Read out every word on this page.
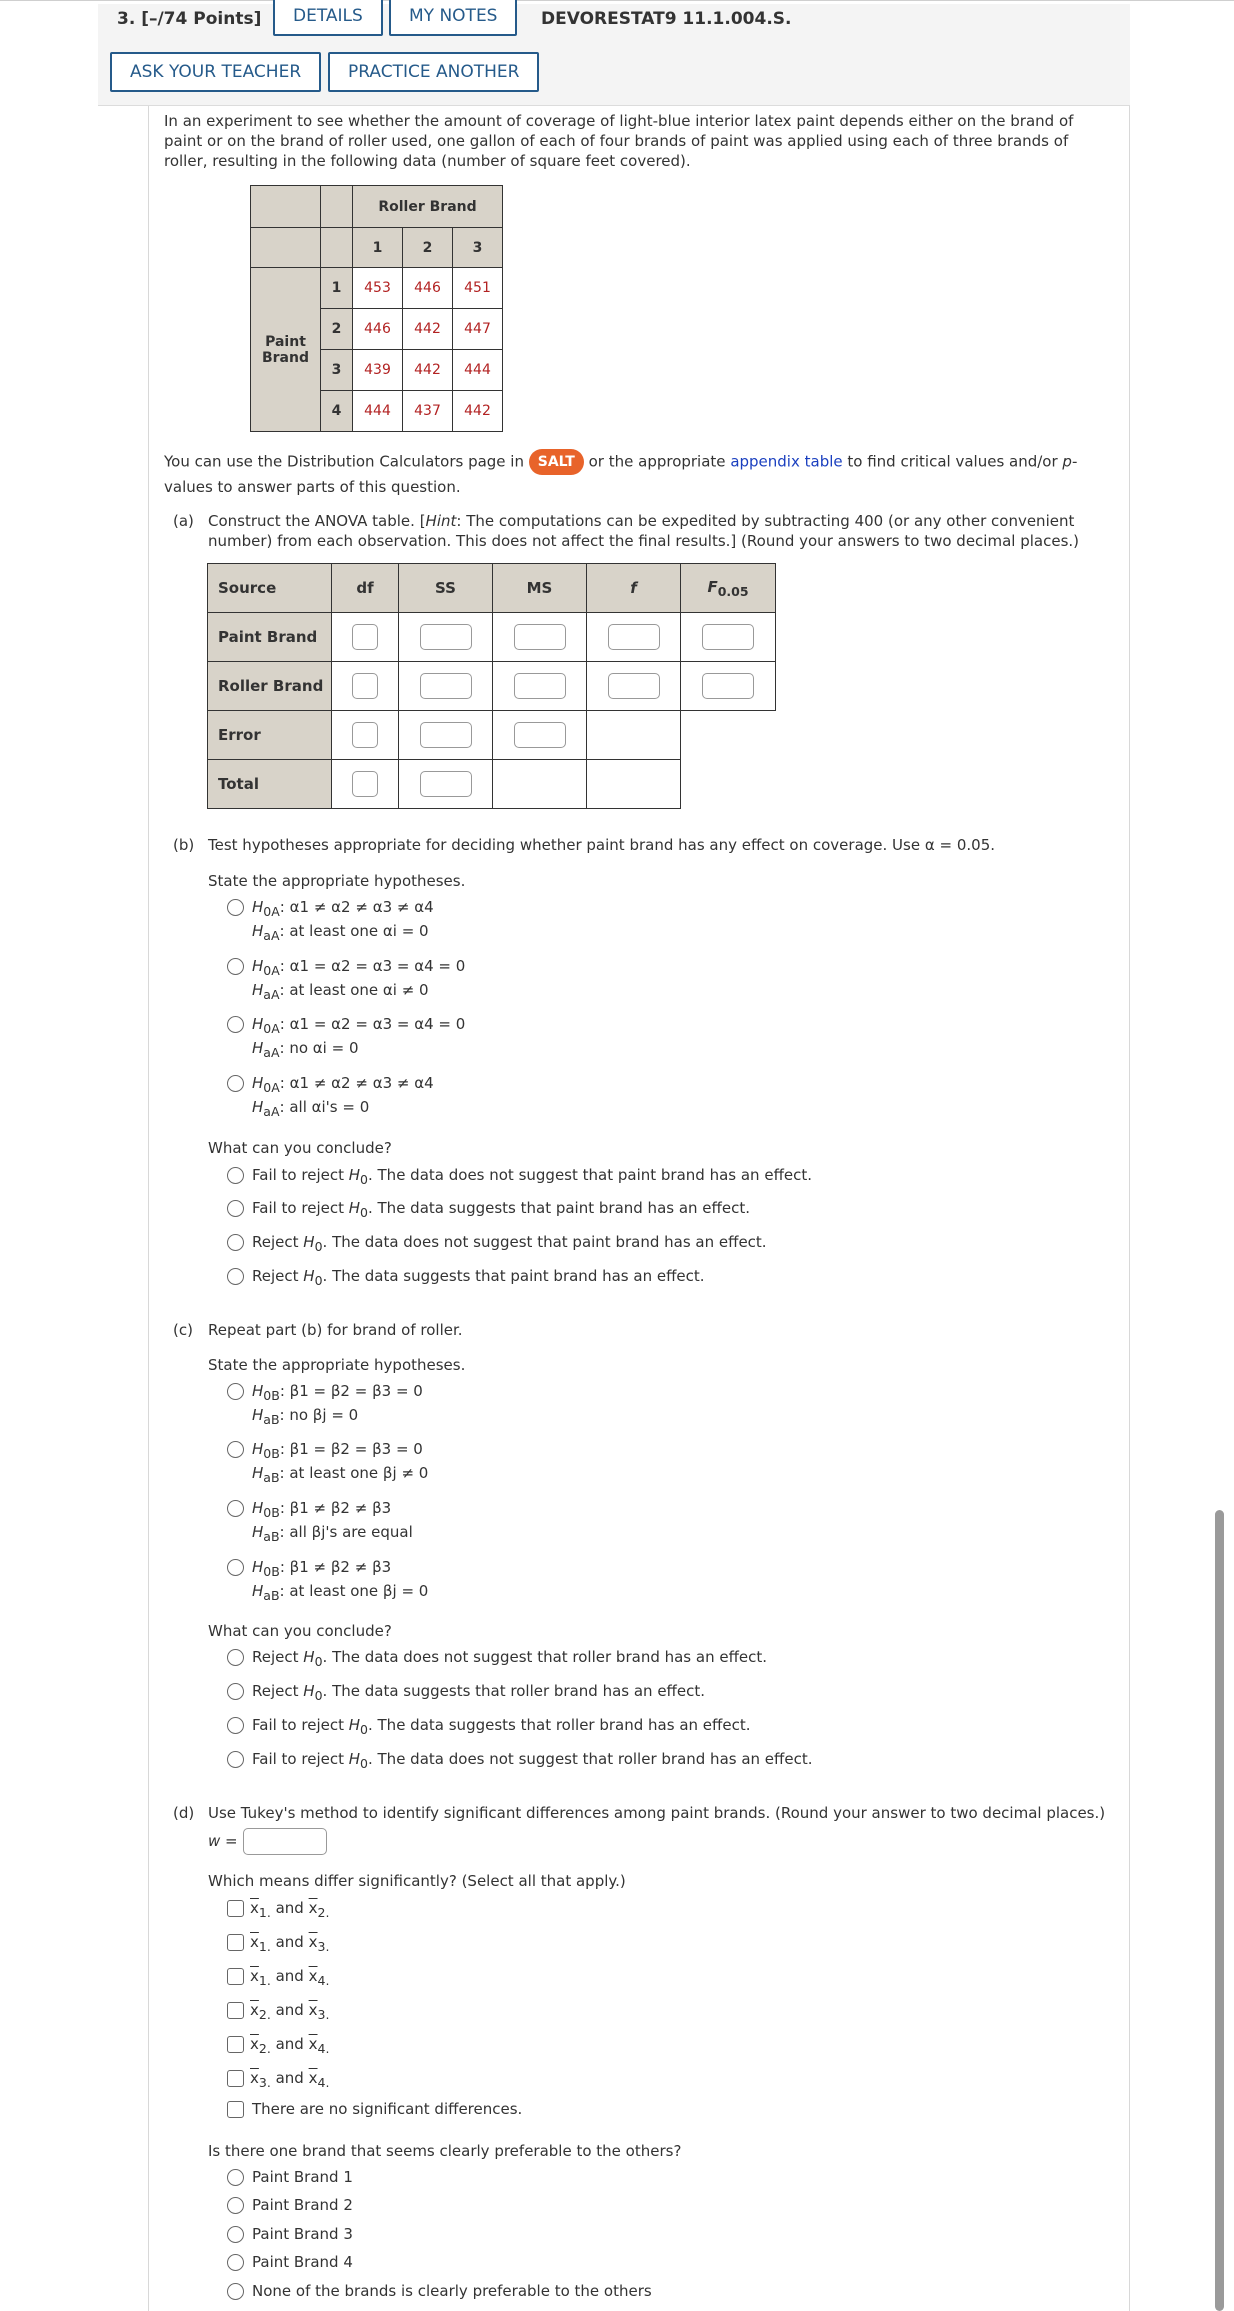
3. [–/74 Points]	DETAILS	MY NOTES	DEVORESTAT9 11.1.004.S.
ASK YOUR TEACHER	PRACTICE ANOTHER
In an experiment to see whether the amount of coverage of light-blue interior latex paint depends either on the brand of paint or on the brand of roller used, one gallon of each of four brands of paint was applied using each of three brands of roller, resulting in the following data (number of square feet covered).
		Roller Brand		
		1	2	3
Paint Brand	1	453	446	451
	2	446	442	447
	3	439	442	444
	4	444	437	442
You can use the Distribution Calculators page in SALT or the appropriate appendix table to find critical values and/or p-values to answer parts of this question.
(a) Construct the ANOVA table. [Hint: The computations can be expedited by subtracting 400 (or any other convenient number) from each observation. This does not affect the final results.] (Round your answers to two decimal places.)
Source	df	SS	MS	f	$F_{0.05}$
Paint Brand					
Roller Brand					
Error					
Total					
(b) Test hypotheses appropriate for deciding whether paint brand has any effect on coverage. Use α = 0.05.
State the appropriate hypotheses.
$H_{0A}$: α1 ≠ α2 ≠ α3 ≠ α4
$H_{aA}$: at least one αi = 0
$H_{0A}$: α1 = α2 = α3 = α4 = 0
$H_{aA}$: at least one αi ≠ 0
$H_{0A}$: α1 = α2 = α3 = α4 = 0
$H_{aA}$: no αi = 0
$H_{0A}$: α1 ≠ α2 ≠ α3 ≠ α4
$H_{aA}$: all αi's = 0
What can you conclude?
Fail to reject $H_0$. The data does not suggest that paint brand has an effect.
Fail to reject $H_0$. The data suggests that paint brand has an effect.
Reject $H_0$. The data does not suggest that paint brand has an effect.
Reject $H_0$. The data suggests that paint brand has an effect.
(c) Repeat part (b) for brand of roller.
State the appropriate hypotheses.
$H_{0B}$: β1 = β2 = β3 = 0
$H_{aB}$: no βj = 0
$H_{0B}$: β1 = β2 = β3 = 0
$H_{aB}$: at least one βj ≠ 0
$H_{0B}$: β1 ≠ β2 ≠ β3
$H_{aB}$: all βj's are equal
$H_{0B}$: β1 ≠ β2 ≠ β3
$H_{aB}$: at least one βj = 0
What can you conclude?
Reject $H_0$. The data does not suggest that roller brand has an effect.
Reject $H_0$. The data suggests that roller brand has an effect.
Fail to reject $H_0$. The data suggests that roller brand has an effect.
Fail to reject $H_0$. The data does not suggest that roller brand has an effect.
(d) Use Tukey's method to identify significant differences among paint brands. (Round your answer to two decimal places.)
w =
Which means differ significantly? (Select all that apply.)
$\overline{x}_{1.}$ and $\overline{x}_{2.}$
$\overline{x}_{1.}$ and $\overline{x}_{3.}$
$\overline{x}_{1.}$ and $\overline{x}_{4.}$
$\overline{x}_{2.}$ and $\overline{x}_{3.}$
$\overline{x}_{2.}$ and $\overline{x}_{4.}$
$\overline{x}_{3.}$ and $\overline{x}_{4.}$
There are no significant differences.
Is there one brand that seems clearly preferable to the others?
Paint Brand 1
Paint Brand 2
Paint Brand 3
Paint Brand 4
None of the brands is clearly preferable to the others
